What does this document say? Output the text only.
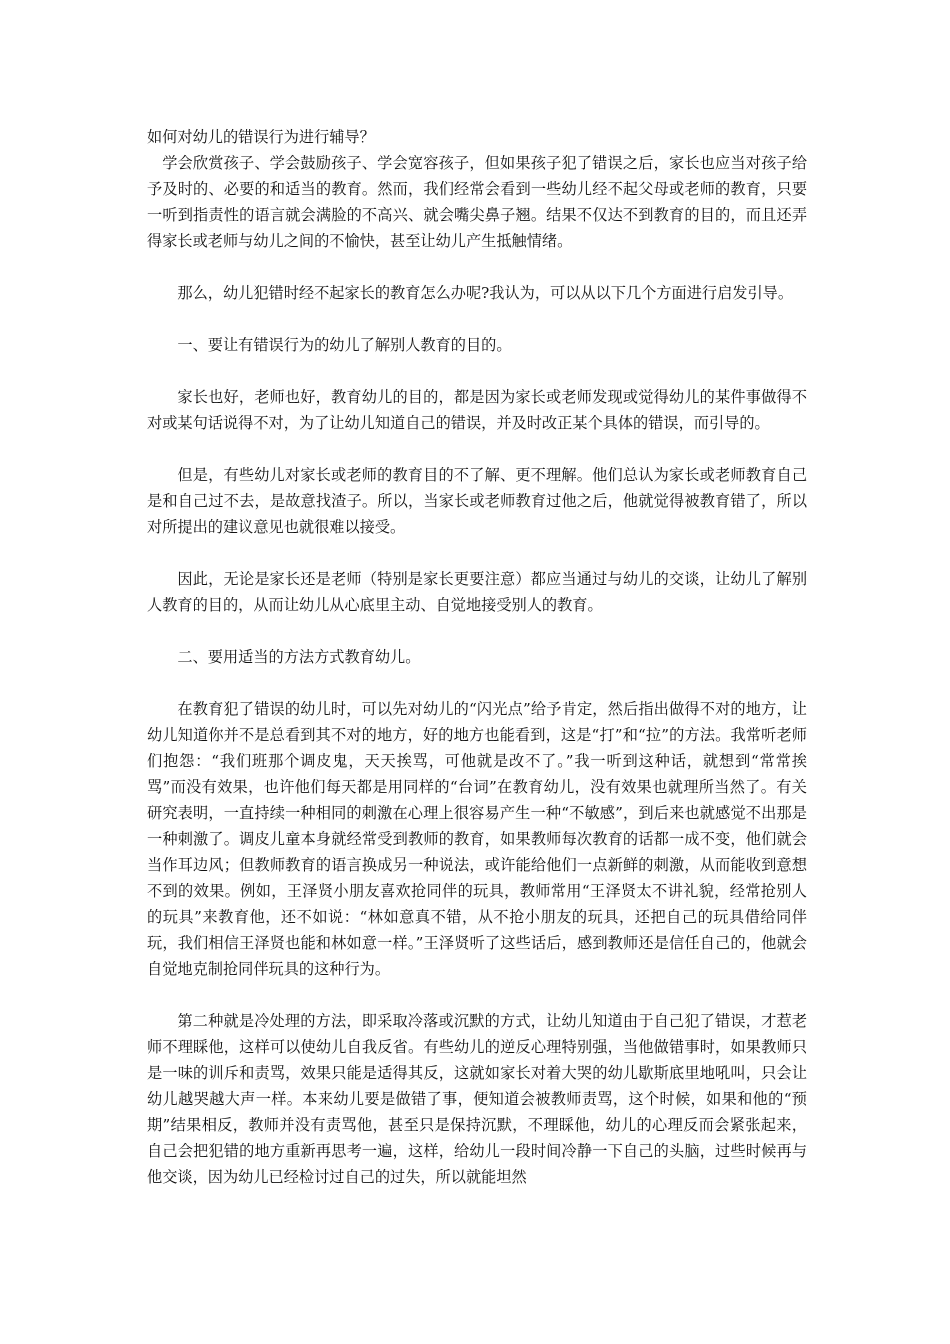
如何对幼儿的错误行为进行辅导？

学会欣赏孩子、学会鼓励孩子、学会宽容孩子，但如果孩子犯了错误之后，家长也应当对孩子给予及时的、必要的和适当的教育。然而，我们经常会看到一些幼儿经不起父母或老师的教育，只要一听到指责性的语言就会满脸的不高兴、就会嘴尖鼻子翘。结果不仅达不到教育的目的，而且还弄得家长或老师与幼儿之间的不愉快，甚至让幼儿产生抵触情绪。

那么，幼儿犯错时经不起家长的教育怎么办呢?我认为，可以从以下几个方面进行启发引导。

一、要让有错误行为的幼儿了解别人教育的目的。

家长也好，老师也好，教育幼儿的目的，都是因为家长或老师发现或觉得幼儿的某件事做得不对或某句话说得不对，为了让幼儿知道自己的错误，并及时改正某个具体的错误，而引导的。

但是，有些幼儿对家长或老师的教育目的不了解、更不理解。他们总认为家长或老师教育自己是和自己过不去，是故意找渣子。所以，当家长或老师教育过他之后，他就觉得被教育错了，所以对所提出的建议意见也就很难以接受。

因此，无论是家长还是老师（特别是家长更要注意）都应当通过与幼儿的交谈，让幼儿了解别人教育的目的，从而让幼儿从心底里主动、自觉地接受别人的教育。

二、要用适当的方法方式教育幼儿。

在教育犯了错误的幼儿时，可以先对幼儿的“闪光点”给予肯定，然后指出做得不对的地方，让幼儿知道你并不是总看到其不对的地方，好的地方也能看到，这是“打”和“拉”的方法。我常听老师们抱怨：“我们班那个调皮鬼，天天挨骂，可他就是改不了。”我一听到这种话，就想到“常常挨骂”而没有效果，也许他们每天都是用同样的“台词”在教育幼儿，没有效果也就理所当然了。有关研究表明，一直持续一种相同的刺激在心理上很容易产生一种“不敏感”，到后来也就感觉不出那是一种刺激了。调皮儿童本身就经常受到教师的教育，如果教师每次教育的话都一成不变，他们就会当作耳边风；但教师教育的语言换成另一种说法，或许能给他们一点新鲜的刺激，从而能收到意想不到的效果。例如，王泽贤小朋友喜欢抢同伴的玩具，教师常用“王泽贤太不讲礼貌，经常抢别人的玩具”来教育他，还不如说：“林如意真不错，从不抢小朋友的玩具，还把自己的玩具借给同伴玩，我们相信王泽贤也能和林如意一样。”王泽贤听了这些话后，感到教师还是信任自己的，他就会自觉地克制抢同伴玩具的这种行为。

第二种就是冷处理的方法，即采取冷落或沉默的方式，让幼儿知道由于自己犯了错误，才惹老师不理睬他，这样可以使幼儿自我反省。有些幼儿的逆反心理特别强，当他做错事时，如果教师只是一味的训斥和责骂，效果只能是适得其反，这就如家长对着大哭的幼儿歇斯底里地吼叫，只会让幼儿越哭越大声一样。本来幼儿要是做错了事，便知道会被教师责骂，这个时候，如果和他的“预期”结果相反，教师并没有责骂他，甚至只是保持沉默，不理睬他，幼儿的心理反而会紧张起来，自己会把犯错的地方重新再思考一遍，这样，给幼儿一段时间冷静一下自己的头脑，过些时候再与他交谈，因为幼儿已经检讨过自己的过失，所以就能坦然
